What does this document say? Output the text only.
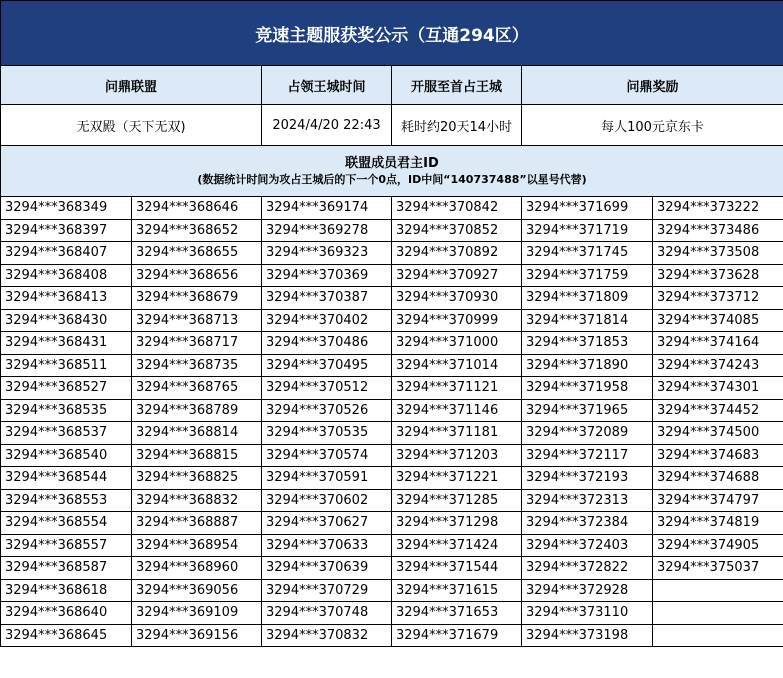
竞速主题服获奖公示（互通294区）					
问鼎联盟		占领王城时间	开服至首占王城	问鼎奖励	
无双殿（天下无双)		2024/4/20 22:43	耗时约20天14小时	每人100元京东卡	

联盟成员君主ID
(数据统计时间为攻占王城后的下一个0点，ID中间“140737488”以星号代替)					

3294***368349	3294***368646	3294***369174	3294***370842	3294***371699	3294***373222
3294***368397	3294***368652	3294***369278	3294***370852	3294***371719	3294***373486
3294***368407	3294***368655	3294***369323	3294***370892	3294***371745	3294***373508
3294***368408	3294***368656	3294***370369	3294***370927	3294***371759	3294***373628
3294***368413	3294***368679	3294***370387	3294***370930	3294***371809	3294***373712
3294***368430	3294***368713	3294***370402	3294***370999	3294***371814	3294***374085
3294***368431	3294***368717	3294***370486	3294***371000	3294***371853	3294***374164
3294***368511	3294***368735	3294***370495	3294***371014	3294***371890	3294***374243
3294***368527	3294***368765	3294***370512	3294***371121	3294***371958	3294***374301
3294***368535	3294***368789	3294***370526	3294***371146	3294***371965	3294***374452
3294***368537	3294***368814	3294***370535	3294***371181	3294***372089	3294***374500
3294***368540	3294***368815	3294***370574	3294***371203	3294***372117	3294***374683
3294***368544	3294***368825	3294***370591	3294***371221	3294***372193	3294***374688
3294***368553	3294***368832	3294***370602	3294***371285	3294***372313	3294***374797
3294***368554	3294***368887	3294***370627	3294***371298	3294***372384	3294***374819
3294***368557	3294***368954	3294***370633	3294***371424	3294***372403	3294***374905
3294***368587	3294***368960	3294***370639	3294***371544	3294***372822	3294***375037
3294***368618	3294***369056	3294***370729	3294***371615	3294***372928	
3294***368640	3294***369109	3294***370748	3294***371653	3294***373110	
3294***368645	3294***369156	3294***370832	3294***371679	3294***373198	
